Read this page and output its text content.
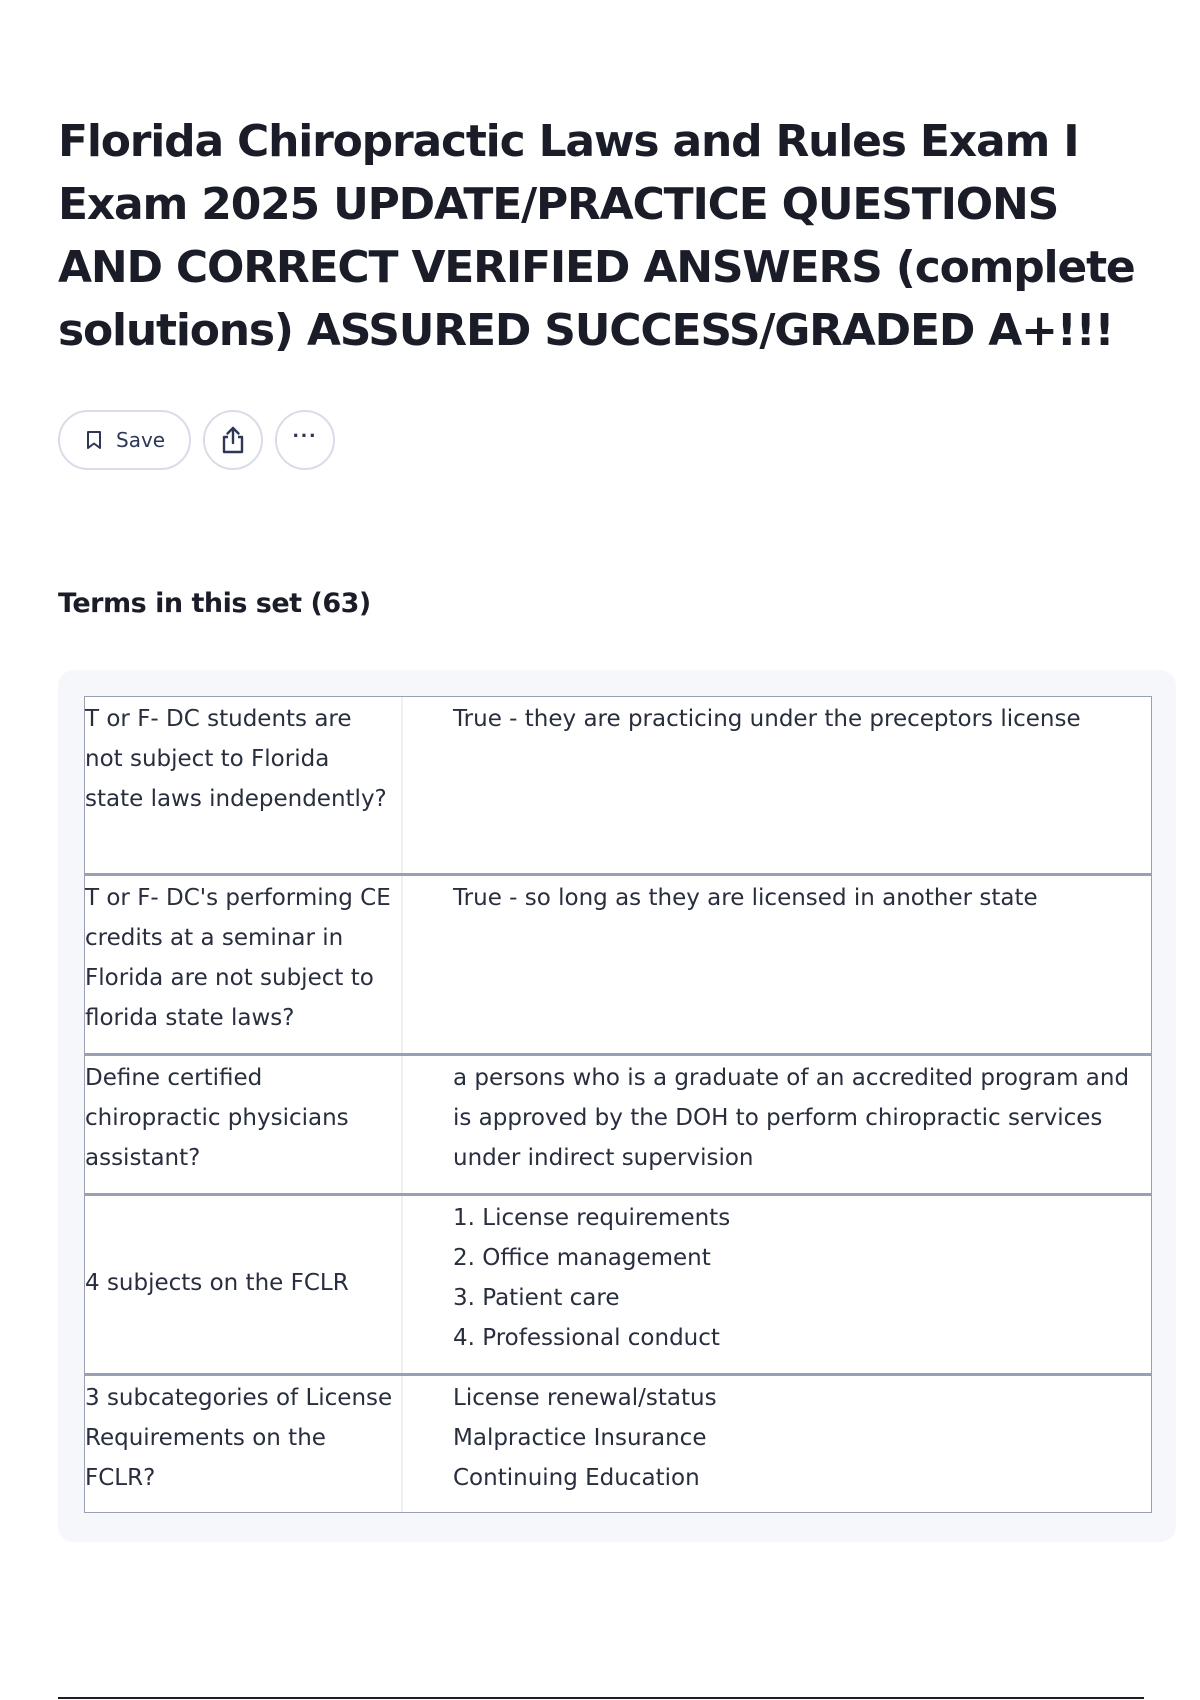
Florida Chiropractic Laws and Rules Exam I Exam 2025 UPDATE/PRACTICE QUESTIONS AND CORRECT VERIFIED ANSWERS (complete solutions) ASSURED SUCCESS/GRADED A+!!!
Save	···
Terms in this set (63)
T or F- DC students are not subject to Florida state laws independently?
True - they are practicing under the preceptors license
T or F- DC's performing CE credits at a seminar in Florida are not subject to florida state laws?
True - so long as they are licensed in another state
Define certified chiropractic physicians assistant?
a persons who is a graduate of an accredited program and is approved by the DOH to perform chiropractic services under indirect supervision
4 subjects on the FCLR
1. License requirements
2. Office management
3. Patient care
4. Professional conduct
3 subcategories of License Requirements on the FCLR?
License renewal/status
Malpractice Insurance
Continuing Education
